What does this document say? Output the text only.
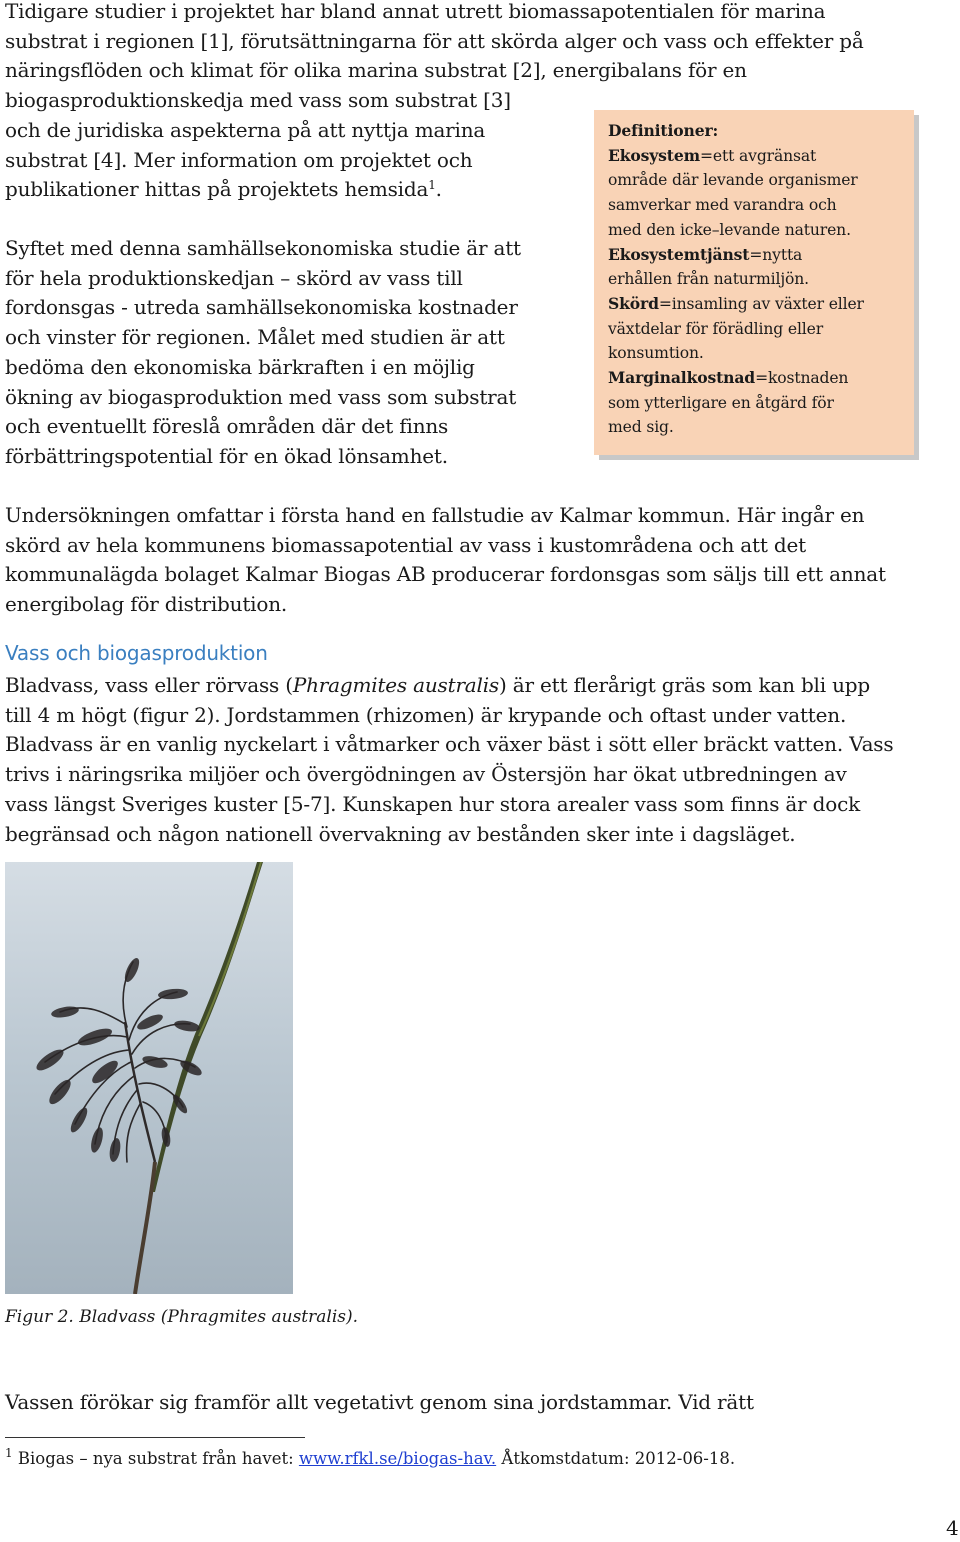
Tidigare studier i projektet har bland annat utrett biomassapotentialen för marina
substrat i regionen [1], förutsättningarna för att skörda alger och vass och effekter på
näringsflöden och klimat för olika marina substrat [2], energibalans för en
biogasproduktionskedja med vass som substrat [3]
och de juridiska aspekterna på att nyttja marina
substrat [4]. Mer information om projektet och
publikationer hittas på projektets hemsida$^1$.
Syftet med denna samhällsekonomiska studie är att
för hela produktionskedjan – skörd av vass till
fordonsgas - utreda samhällsekonomiska kostnader
och vinster för regionen. Målet med studien är att
bedöma den ekonomiska bärkraften i en möjlig
ökning av biogasproduktion med vass som substrat
och eventuellt föreslå områden där det finns
förbättringspotential för en ökad lönsamhet.
Definitioner:
Ekosystem=ett avgränsat
område där levande organismer
samverkar med varandra och
med den icke–levande naturen.
Ekosystemtjänst=nytta
erhållen från naturmiljön.
Skörd=insamling av växter eller
växtdelar för förädling eller
konsumtion.
Marginalkostnad=kostnaden
som ytterligare en åtgärd för
med sig.
Undersökningen omfattar i första hand en fallstudie av Kalmar kommun. Här ingår en
skörd av hela kommunens biomassapotential av vass i kustområdena och att det
kommunalägda bolaget Kalmar Biogas AB producerar fordonsgas som säljs till ett annat
energibolag för distribution.
Vass och biogasproduktion
Bladvass, vass eller rörvass (Phragmites australis) är ett flerårigt gräs som kan bli upp
till 4 m högt (figur 2). Jordstammen (rhizomen) är krypande och oftast under vatten.
Bladvass är en vanlig nyckelart i våtmarker och växer bäst i sött eller bräckt vatten. Vass
trivs i näringsrika miljöer och övergödningen av Östersjön har ökat utbredningen av
vass längst Sveriges kuster [5-7]. Kunskapen hur stora arealer vass som finns är dock
begränsad och någon nationell övervakning av bestånden sker inte i dagsläget.

Figur 2. Bladvass (Phragmites australis).

Vassen förökar sig framför allt vegetativt genom sina jordstammar. Vid rätt

$^1$ Biogas – nya substrat från havet: www.rfkl.se/biogas-hav. Åtkomstdatum: 2012-06-18.

4
